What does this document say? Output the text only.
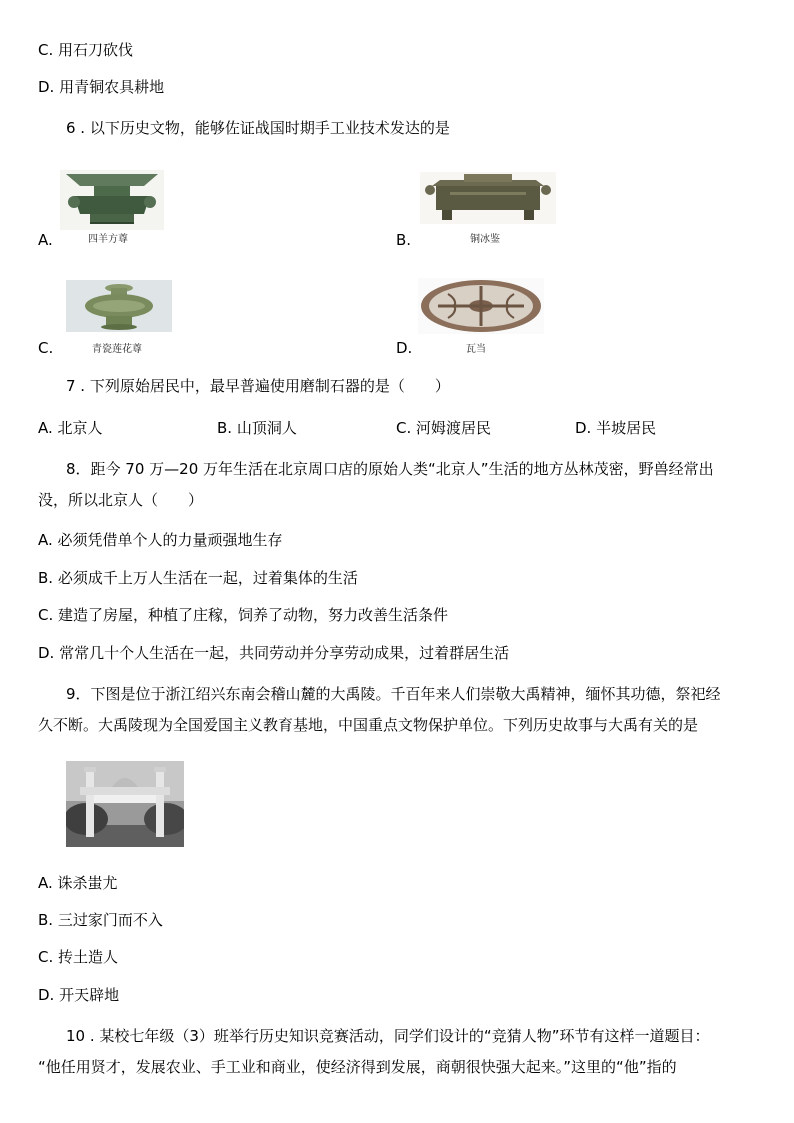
C. 用石刀砍伐
D. 用青铜农具耕地
6 . 以下历史文物，能够佐证战国时期手工业技术发达的是
A.	四羊方尊	B.	铜冰鉴
C.	青瓷莲花尊	D.	瓦当
7 . 下列原始居民中，最早普遍使用磨制石器的是（　　）
A. 北京人	B. 山顶洞人	C. 河姆渡居民	D. 半坡居民
8．距今 70 万—20 万年生活在北京周口店的原始人类“北京人”生活的地方丛林茂密，野兽经常出
没，所以北京人（　　）
A. 必须凭借单个人的力量顽强地生存
B. 必须成千上万人生活在一起，过着集体的生活
C. 建造了房屋，种植了庄稼，饲养了动物，努力改善生活条件
D. 常常几十个人生活在一起，共同劳动并分享劳动成果，过着群居生活
9．下图是位于浙江绍兴东南会稽山麓的大禹陵。千百年来人们崇敬大禹精神，缅怀其功德，祭祀经
久不断。大禹陵现为全国爱国主义教育基地，中国重点文物保护单位。下列历史故事与大禹有关的是
A. 诛杀蚩尤
B. 三过家门而不入
C. 抟土造人
D. 开天辟地
10 . 某校七年级（3）班举行历史知识竞赛活动，同学们设计的“竞猜人物”环节有这样一道题目：
“他任用贤才，发展农业、手工业和商业，使经济得到发展，商朝很快强大起来。”这里的“他”指的
